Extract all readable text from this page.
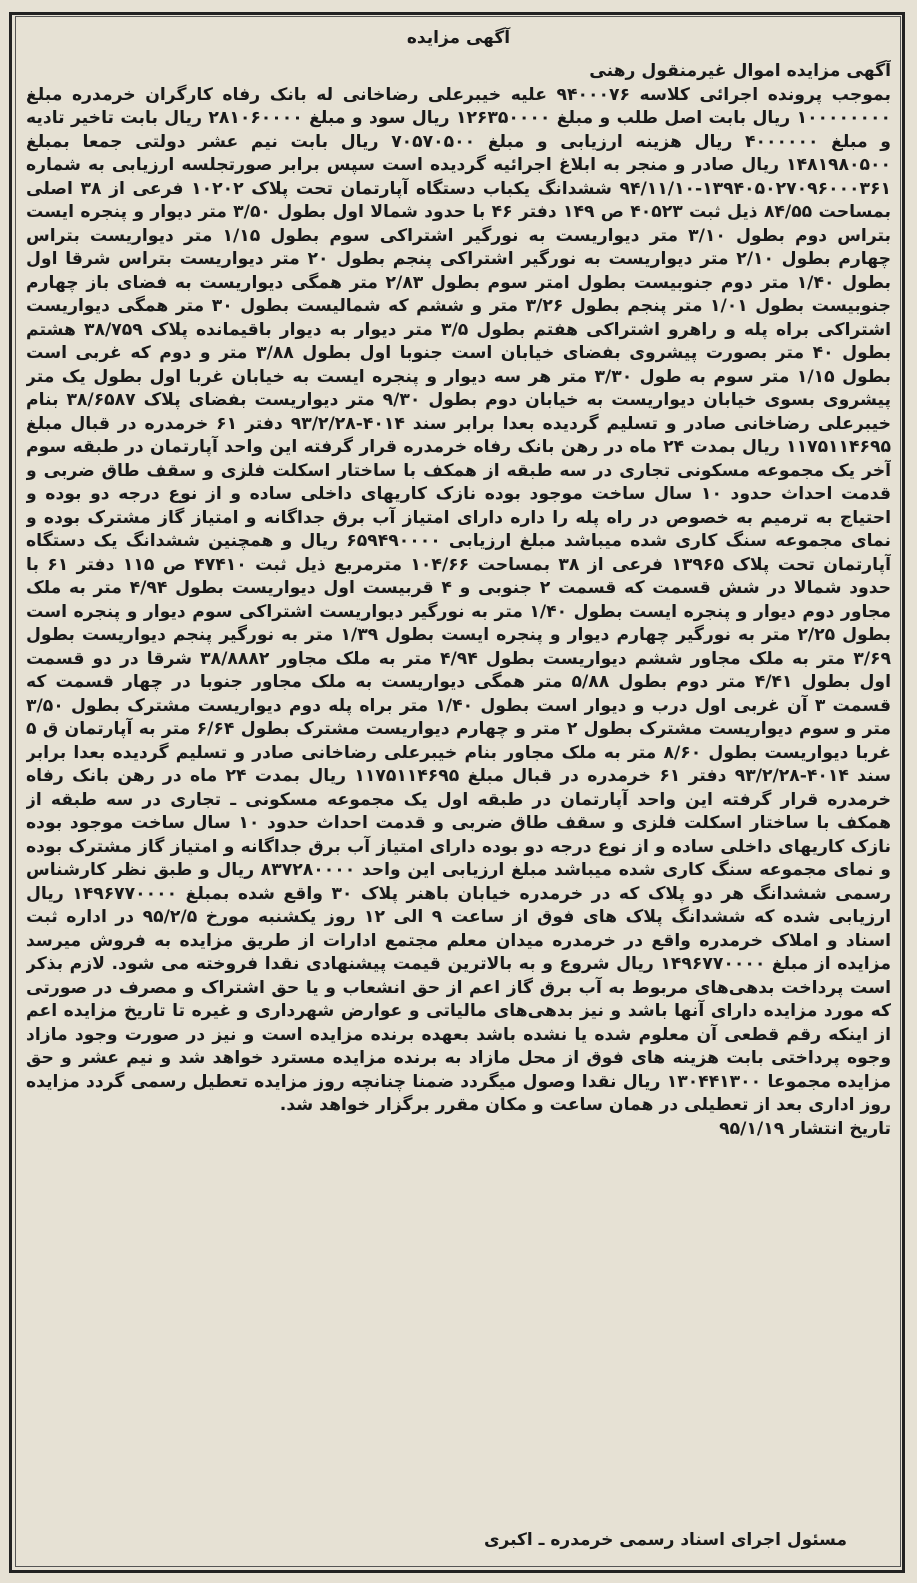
آگهی مزایده

آگهی مزایده اموال غیرمنقول رهنی

بموجب پرونده اجرائی کلاسه ۹۴۰۰۰۷۶ علیه خیبرعلی رضاخانی له بانک رفاه کارگران خرمدره مبلغ ۱۰۰۰۰۰۰۰۰ ریال بابت اصل طلب و مبلغ ۱۲۶۳۵۰۰۰۰ ریال سود و مبلغ ۲۸۱۰۶۰۰۰۰ ریال بابت تاخیر تادیه و مبلغ ۴۰۰۰۰۰۰ ریال هزینه ارزیابی و مبلغ ۷۰۵۷۰۵۰۰ ریال بابت نیم عشر دولتی جمعا بمبلغ ۱۴۸۱۹۸۰۵۰۰ ریال صادر و منجر به ابلاغ اجرائیه گردیده است سپس برابر صورتجلسه ارزیابی به شماره ۱۳۹۴۰۵۰۲۷۰۹۶۰۰۰۳۶۱-۹۴/۱۱/۱۰ ششدانگ یکباب دستگاه آپارتمان تحت پلاک ۱۰۲۰۲ فرعی از ۳۸ اصلی بمساحت ۸۴/۵۵ ذیل ثبت ۴۰۵۲۳ ص ۱۴۹ دفتر ۴۶ با حدود شمالا اول بطول ۳/۵۰ متر دیوار و پنجره ایست بتراس دوم بطول ۳/۱۰ متر دیواریست به نورگیر اشتراکی سوم بطول ۱/۱۵ متر دیواریست بتراس چهارم بطول ۲/۱۰ متر دیواریست به نورگیر اشتراکی پنجم بطول ۲۰ متر دیواریست بتراس شرقا اول بطول ۱/۴۰ متر دوم جنوبیست بطول امتر سوم بطول ۲/۸۳ متر همگی دیواریست به فضای باز چهارم جنوبیست بطول ۱/۰۱ متر پنجم بطول ۳/۲۶ متر و ششم که شمالیست بطول ۳۰ متر همگی دیواریست اشتراکی براه پله و راهرو اشتراکی هفتم بطول ۳/۵ متر دیوار به دیوار باقیمانده پلاک ۳۸/۷۵۹ هشتم بطول ۴۰ متر بصورت پیشروی بفضای خیابان است جنوبا اول بطول ۳/۸۸ متر و دوم که غربی است بطول ۱/۱۵ متر سوم به طول ۳/۳۰ متر هر سه دیوار و پنجره ایست به خیابان غربا اول بطول یک متر پیشروی بسوی خیابان دیواریست به خیابان دوم بطول ۹/۳۰ متر دیواریست بفضای پلاک ۳۸/۶۵۸۷ بنام خیبرعلی رضاخانی صادر و تسلیم گردیده بعدا برابر سند ۴۰۱۴-۹۳/۲/۲۸ دفتر ۶۱ خرمدره در قبال مبلغ ۱۱۷۵۱۱۴۶۹۵ ریال بمدت ۲۴ ماه در رهن بانک رفاه خرمدره قرار گرفته این واحد آپارتمان در طبقه سوم آخر یک مجموعه مسکونی تجاری در سه طبقه از همکف با ساختار اسکلت فلزی و سقف طاق ضربی و قدمت احداث حدود ۱۰ سال ساخت موجود بوده نازک کاریهای داخلی ساده و از نوع درجه دو بوده و احتیاج به ترمیم به خصوص در راه پله را داره دارای امتیاز آب برق جداگانه و امتیاز گاز مشترک بوده و نمای مجموعه سنگ کاری شده میباشد مبلغ ارزیابی ۶۵۹۴۹۰۰۰۰ ریال و همچنین ششدانگ یک دستگاه آپارتمان تحت پلاک ۱۳۹۶۵ فرعی از ۳۸ بمساحت ۱۰۴/۶۶ مترمربع ذیل ثبت ۴۷۴۱۰ ص ۱۱۵ دفتر ۶۱ با حدود شمالا در شش قسمت که قسمت ۲ جنوبی و ۴ قربیست اول دیواریست بطول ۴/۹۴ متر به ملک مجاور دوم دیوار و پنجره ایست بطول ۱/۴۰ متر به نورگیر دیواریست اشتراکی سوم دیوار و پنجره است بطول ۲/۲۵ متر به نورگیر چهارم دیوار و پنجره ایست بطول ۱/۳۹ متر به نورگیر پنجم دیواریست بطول ۳/۶۹ متر به ملک مجاور ششم دیواریست بطول ۴/۹۴ متر به ملک مجاور ۳۸/۸۸۸۲ شرقا در دو قسمت اول بطول ۴/۴۱ متر دوم بطول ۵/۸۸ متر همگی دیواریست به ملک مجاور جنوبا در چهار قسمت که قسمت ۳ آن غربی اول درب و دیوار است بطول ۱/۴۰ متر براه پله دوم دیواریست مشترک بطول ۳/۵۰ متر و سوم دیواریست مشترک بطول ۲ متر و چهارم دیواریست مشترک بطول ۶/۶۴ متر به آپارتمان ق ۵ غربا دیواریست بطول ۸/۶۰ متر به ملک مجاور بنام خیبرعلی رضاخانی صادر و تسلیم گردیده بعدا برابر سند ۴۰۱۴-۹۳/۲/۲۸ دفتر ۶۱ خرمدره در قبال مبلغ ۱۱۷۵۱۱۴۶۹۵ ریال بمدت ۲۴ ماه در رهن بانک رفاه خرمدره قرار گرفته این واحد آپارتمان در طبقه اول یک مجموعه مسکونی ـ تجاری در سه طبقه از همکف با ساختار اسکلت فلزی و سقف طاق ضربی و قدمت احداث حدود ۱۰ سال ساخت موجود بوده نازک کاریهای داخلی ساده و از نوع درجه دو بوده دارای امتیاز آب برق جداگانه و امتیاز گاز مشترک بوده و نمای مجموعه سنگ کاری شده میباشد مبلغ ارزیابی این واحد ۸۳۷۲۸۰۰۰۰ ریال و طبق نظر کارشناس رسمی ششدانگ هر دو پلاک که در خرمدره خیابان باهنر پلاک ۳۰ واقع شده بمبلغ ۱۴۹۶۷۷۰۰۰۰ ریال ارزیابی شده که ششدانگ پلاک های فوق از ساعت ۹ الی ۱۲ روز یکشنبه مورخ ۹۵/۲/۵ در اداره ثبت اسناد و املاک خرمدره واقع در خرمدره میدان معلم مجتمع ادارات از طریق مزایده به فروش میرسد مزایده از مبلغ ۱۴۹۶۷۷۰۰۰۰ ریال شروع و به بالاترین قیمت پیشنهادی نقدا فروخته می شود. لازم بذکر است پرداخت بدهی‌های مربوط به آب برق گاز اعم از حق انشعاب و یا حق اشتراک و مصرف در صورتی که مورد مزایده دارای آنها باشد و نیز بدهی‌های مالیاتی و عوارض شهرداری و غیره تا تاریخ مزایده اعم از اینکه رقم قطعی آن معلوم شده یا نشده باشد بعهده برنده مزایده است و نیز در صورت وجود مازاد وجوه پرداختی بابت هزینه های فوق از محل مازاد به برنده مزایده مسترد خواهد شد و نیم عشر و حق مزایده مجموعا ۱۳۰۴۴۱۳۰۰ ریال نقدا وصول میگردد ضمنا چنانچه روز مزایده تعطیل رسمی گردد مزایده روز اداری بعد از تعطیلی در همان ساعت و مکان مقرر برگزار خواهد شد.

تاریخ انتشار ۹۵/۱/۱۹

مسئول اجرای اسناد رسمی خرمدره ـ اکبری
